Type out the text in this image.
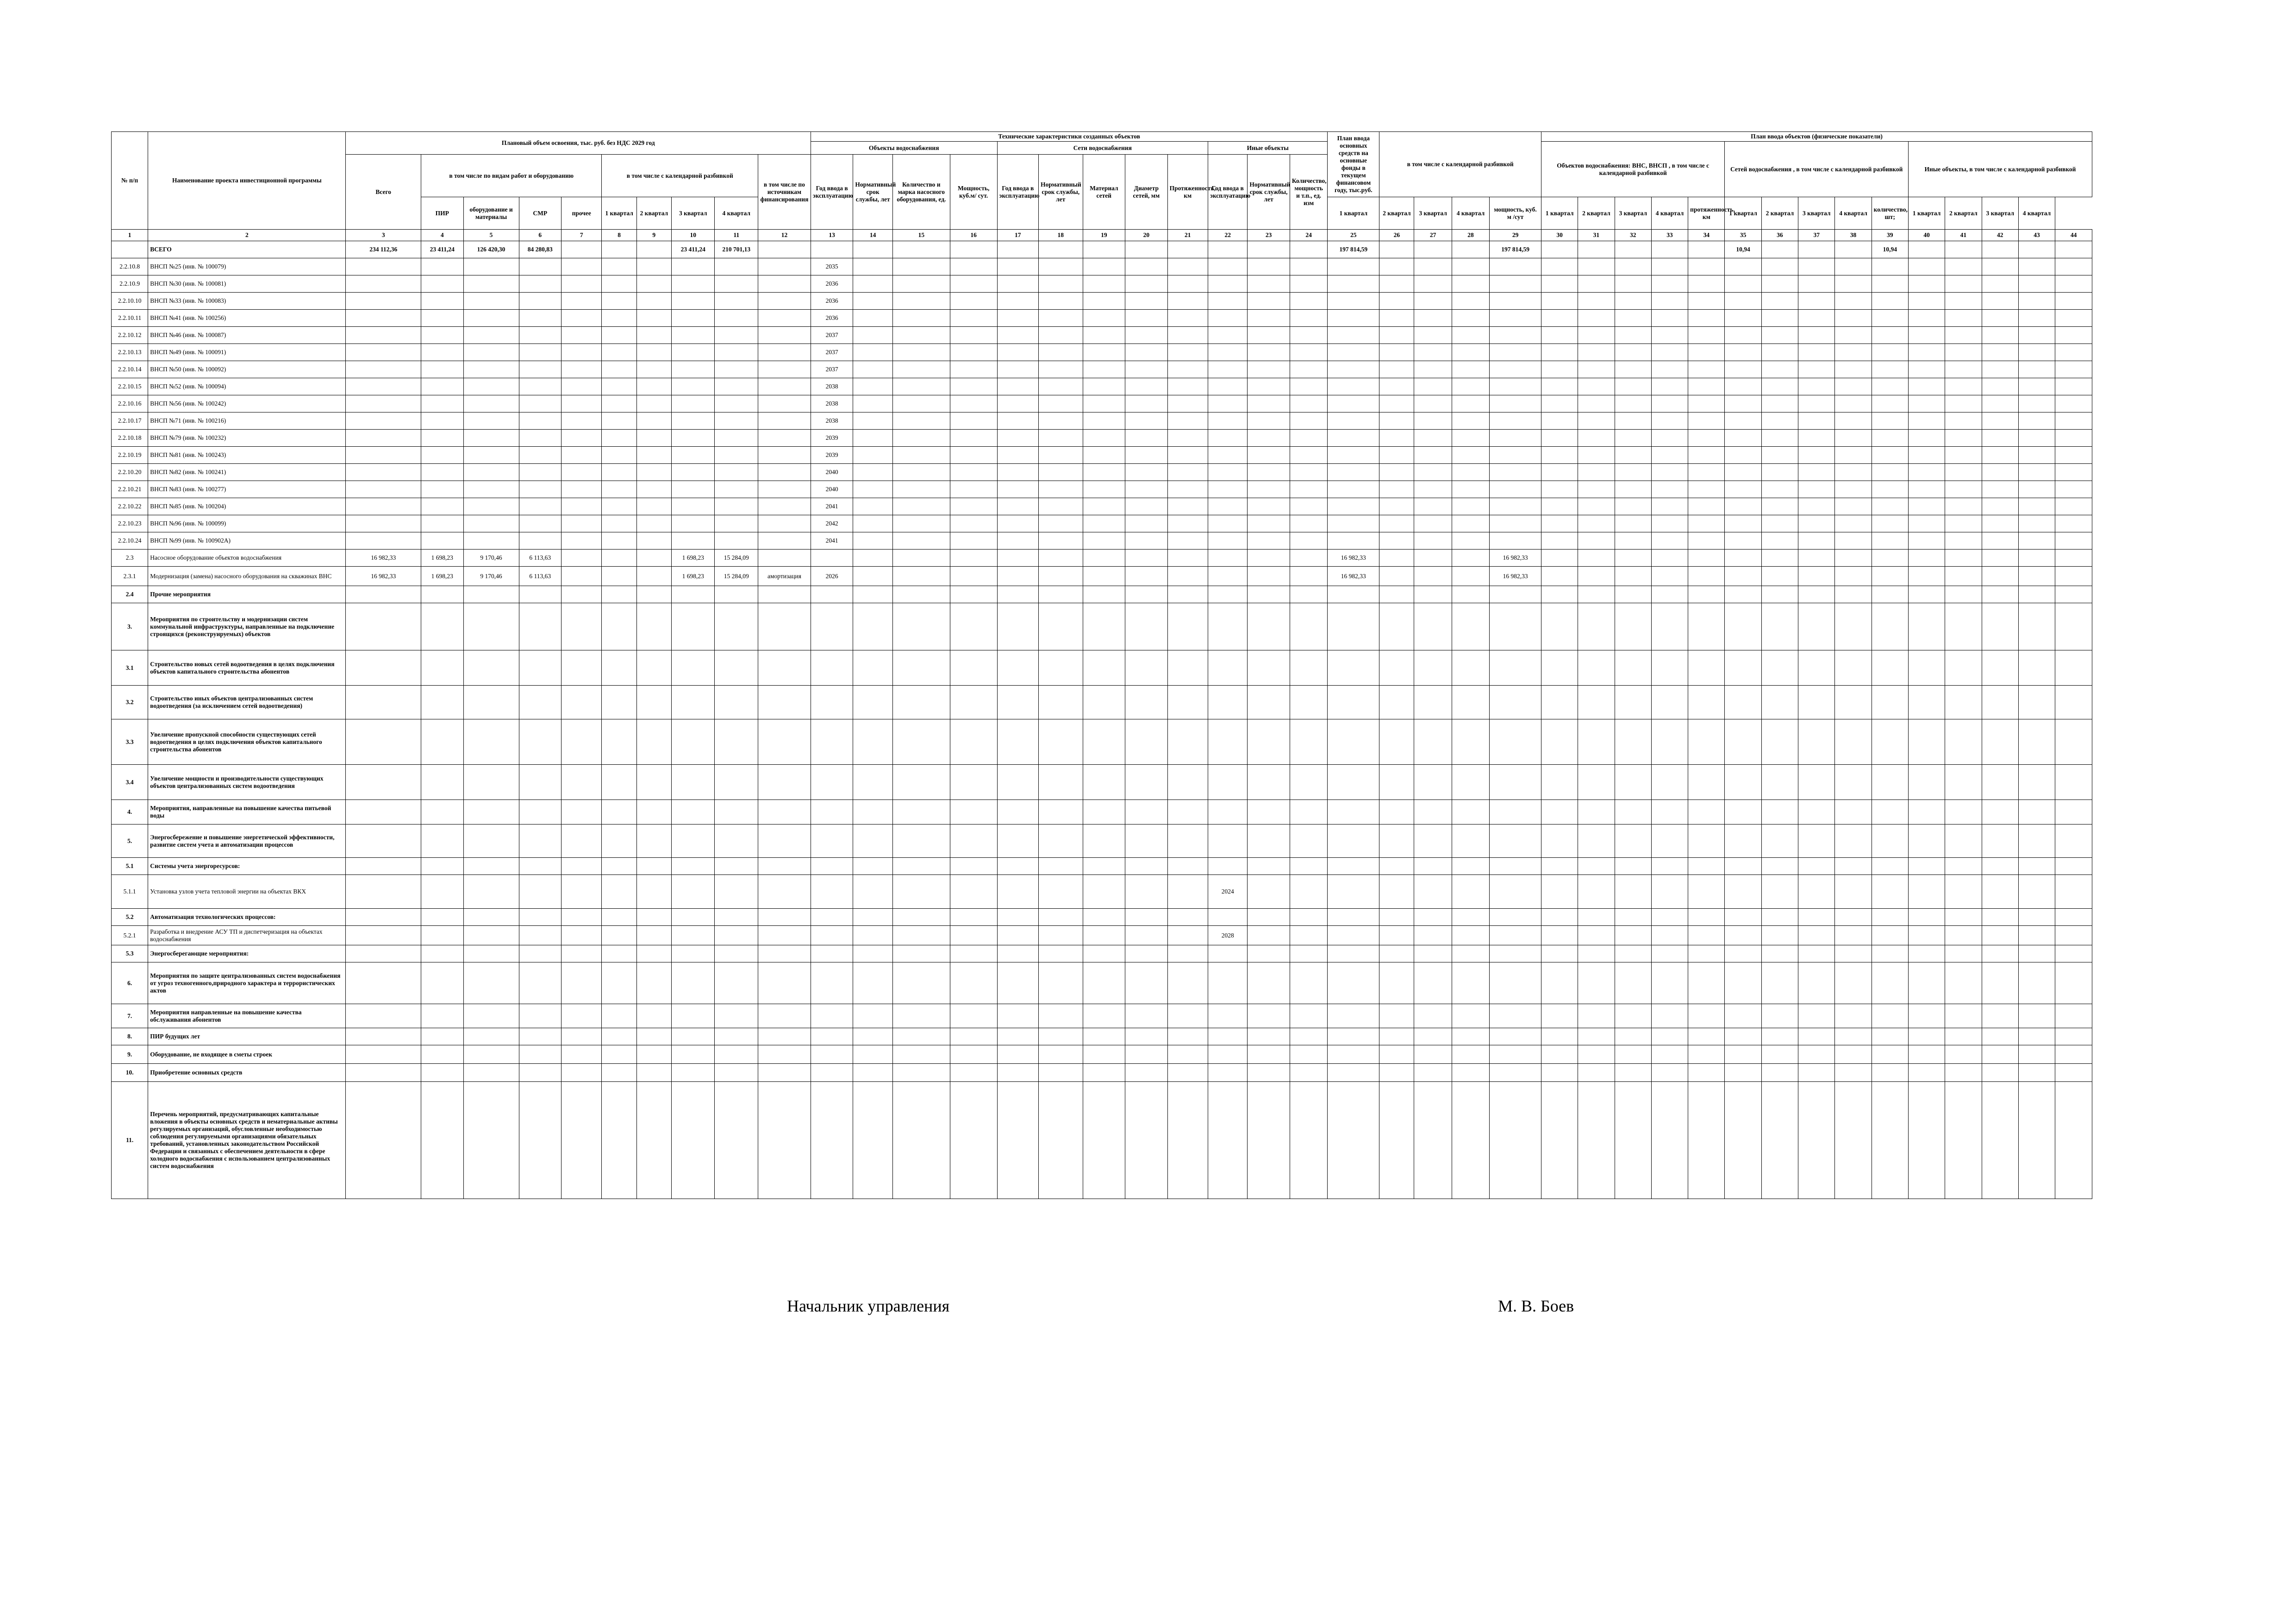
№ п/п	Наименование проекта инвестиционной программы	Плановый объем освоения, тыс. руб. без НДС 2029 год										Технические характеристики созданных объектов												План ввода основных средств на основные фонды в текущем финансовом году, тыс.руб.	в том числе с календарной разбивкой				План ввода объектов (физические показатели)														
												Объекты водоснабжения				Сети водоснабжения					Иные объекты								Объектов водоснабжения: ВНС, ВНСП , в том числе с календарной разбивкой					Сетей водоснабжения , в том числе с календарной разбивкой					Иные объекты, в том числе с календарной разбивкой				
		Всего	в том числе по видам работ и оборудованию				в том числе с календарной разбивкой				в том числе по источникам финансирования	Год ввода в эксплуатацию	Нормативный срок службы, лет	Количество и марка насосного оборудования, ед.	Мощность, куб.м/ сут.	Год ввода в эксплуатацию	Нормативный срок службы, лет	Материал сетей	Диаметр сетей, мм	Протяженность, км	Год ввода в эксплуатацию	Нормативный срок службы, лет	Количество, мощность и т.п., ед. изм																				
			ПИР	оборудование и материалы	СМР	прочее	1 квартал	2 квартал	3 квартал	4 квартал														1 квартал	2 квартал	3 квартал	4 квартал	мощность, куб. м /сут	1 квартал	2 квартал	3 квартал	4 квартал	протяженность, км	1 квартал	2 квартал	3 квартал	4 квартал	количество, шт;	1 квартал	2 квартал	3 квартал	4 квартал	
1	2	3	4	5	6	7	8	9	10	11	12	13	14	15	16	17	18	19	20	21	22	23	24	25	26	27	28	29	30	31	32	33	34	35	36	37	38	39	40	41	42	43	44
	ВСЕГО	234 112,36	23 411,24	126 420,30	84 280,83				23 411,24	210 701,13														197 814,59				197 814,59						10,94				10,94					
2.2.10.8	ВНСП №25 (инв. № 100079)											2035																															
2.2.10.9	ВНСП №30 (инв. № 100081)											2036																															
2.2.10.10	ВНСП №33 (инв. № 100083)											2036																															
2.2.10.11	ВНСП №41 (инв. № 100256)											2036																															
2.2.10.12	ВНСП №46 (инв. № 100087)											2037																															
2.2.10.13	ВНСП №49 (инв. № 100091)											2037																															
2.2.10.14	ВНСП №50 (инв. № 100092)											2037																															
2.2.10.15	ВНСП №52 (инв. № 100094)											2038																															
2.2.10.16	ВНСП №56 (инв. № 100242)											2038																															
2.2.10.17	ВНСП №71 (инв. № 100216)											2038																															
2.2.10.18	ВНСП №79 (инв. № 100232)											2039																															
2.2.10.19	ВНСП №81 (инв. № 100243)											2039																															
2.2.10.20	ВНСП №82 (инв. № 100241)											2040																															
2.2.10.21	ВНСП №83 (инв. № 100277)											2040																															
2.2.10.22	ВНСП №85 (инв. № 100204)											2041																															
2.2.10.23	ВНСП №96 (инв. № 100099)											2042																															
2.2.10.24	ВНСП №99 (инв. № 100902А)											2041																															
2.3	Насосное оборудование объектов водоснабжения	16 982,33	1 698,23	9 170,46	6 113,63				1 698,23	15 284,09														16 982,33				16 982,33															
2.3.1	Модернизация (замена) насосного оборудования на скважинах ВНС	16 982,33	1 698,23	9 170,46	6 113,63				1 698,23	15 284,09	амортизация	2026												16 982,33				16 982,33															
2.4	Прочие мероприятия																																										
3.	Мероприятия по строительству и модернизации систем коммунальной инфраструктуры, направленные на подключение строящихся (реконструируемых) объектов																																										
3.1	Строительство новых сетей водоотведения в целях подключения объектов капитального строительства абонентов																																										
3.2	Строительство иных объектов централизованных систем водоотведения (за исключением сетей водоотведения)																																										
3.3	Увеличение пропускной способности существующих сетей водоотведения в целях подключения объектов капитального строительства абонентов																																										
3.4	Увеличение мощности и производительности существующих объектов централизованных систем водоотведения																																										
4.	Мероприятия, направленные на повышение качества питьевой воды																																										
5.	Энергосбережение и повышение энергетической эффективности, развитие систем учета и автоматизации процессов																																										
5.1	Системы учета энергоресурсов:																																										
5.1.1	Установка узлов учета тепловой энергии на объектах ВКХ																				2024																						
5.2	Автоматизация технологических процессов:																																										
5.2.1	Разработка и внедрение АСУ ТП и диспетчеризация на объектах водоснабжения																				2028																						
5.3	Энергосберегающие мероприятия:																																										
6.	Мероприятия по защите централизованных систем водоснабжения от угроз техногенного,природного характера и террористических актов																																										
7.	Мероприятия направленные на повышение качества обслуживания абонентов																																										
8.	ПИР будущих лет																																										
9.	Оборудование, не входящее в сметы строек																																										
10.	Приобретение основных средств																																										
11.	Перечень мероприятий, предусматривающих капитальные вложения в объекты основных средств и нематериальные активы регулируемых организаций, обусловленные необходимостью соблюдения регулируемыми организациями обязательных требований, установленных законодательством Российской Федерации и связанных с обеспечением деятельности в сфере холодного водоснабжения с использованием централизованных систем водоснабжения																																										
Начальник управления	М. В. Боев
